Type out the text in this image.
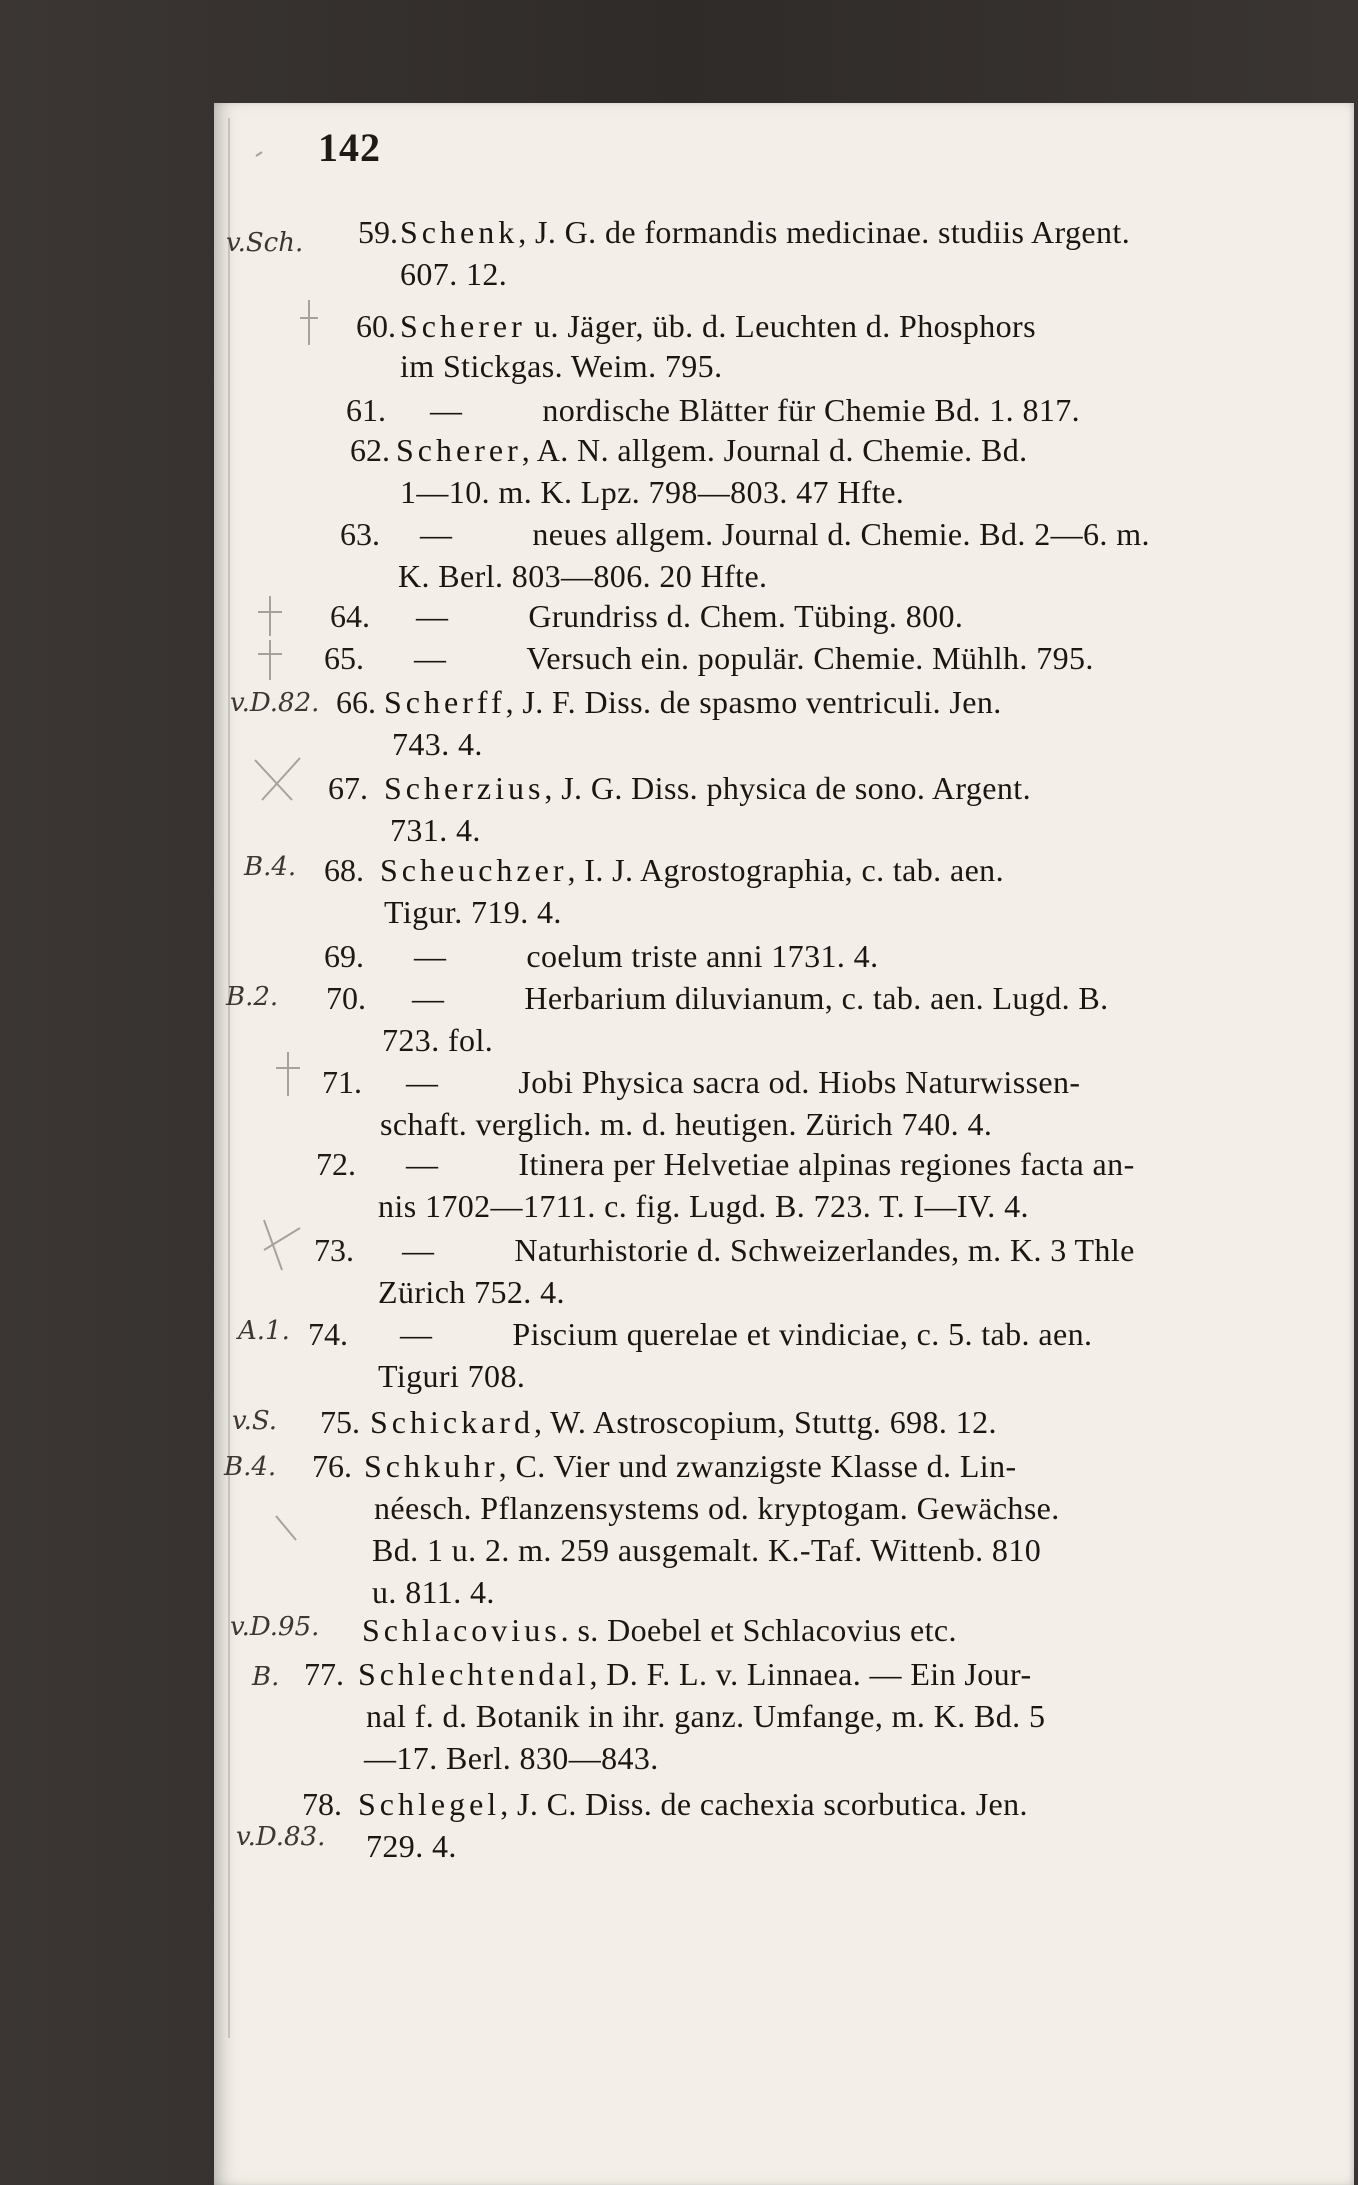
142
v.Sch.	59. Schenk, J. G. de formandis medicinae. studiis Argent.
607. 12.
60. Scherer u. Jäger, üb. d. Leuchten d. Phosphors
im Stickgas. Weim. 795.
61. —	nordische Blätter für Chemie Bd. 1. 817.
62. Scherer, A. N. allgem. Journal d. Chemie. Bd.
1—10. m. K. Lpz. 798—803. 47 Hfte.
63. —	neues allgem. Journal d. Chemie. Bd. 2—6. m.
K. Berl. 803—806. 20 Hfte.
64. —	Grundriss d. Chem. Tübing. 800.
65. —	Versuch ein. populär. Chemie. Mühlh. 795.
v.D.82. 66. Scherff, J. F. Diss. de spasmo ventriculi. Jen.
743. 4.
67. Scherzius, J. G. Diss. physica de sono. Argent.
731. 4.
B.4. 68. Scheuchzer, I. J. Agrostographia, c. tab. aen.
Tigur. 719. 4.
69. —	coelum triste anni 1731. 4.
B.2.	70. —	Herbarium diluvianum, c. tab. aen. Lugd. B.
723. fol.
71. —	Jobi Physica sacra od. Hiobs Naturwissen-
schaft. verglich. m. d. heutigen. Zürich 740. 4.
72. —	Itinera per Helvetiae alpinas regiones facta an-
nis 1702—1711. c. fig. Lugd. B. 723. T. I—IV. 4.
73. —	Naturhistorie d. Schweizerlandes, m. K. 3 Thle
Zürich 752. 4.
A.1. 74. —	Piscium querelae et vindiciae, c. 5. tab. aen.
Tiguri 708.
v.S.	75. Schickard, W. Astroscopium, Stuttg. 698. 12.
B.4.	76. Schkuhr, C. Vier und zwanzigste Klasse d. Lin-
néesch. Pflanzensystems od. kryptogam. Gewächse.
Bd. 1 u. 2. m. 259 ausgemalt. K.-Taf. Wittenb. 810
u. 811. 4.
v.D.95. Schlacovius. s. Doebel et Schlacovius etc.
B. 77. Schlechtendal, D. F. L. v. Linnaea. — Ein Jour-
nal f. d. Botanik in ihr. ganz. Umfange, m. K. Bd. 5
—17. Berl. 830—843.
v.D.83.
78. Schlegel, J. C. Diss. de cachexia scorbutica. Jen.
729. 4.
